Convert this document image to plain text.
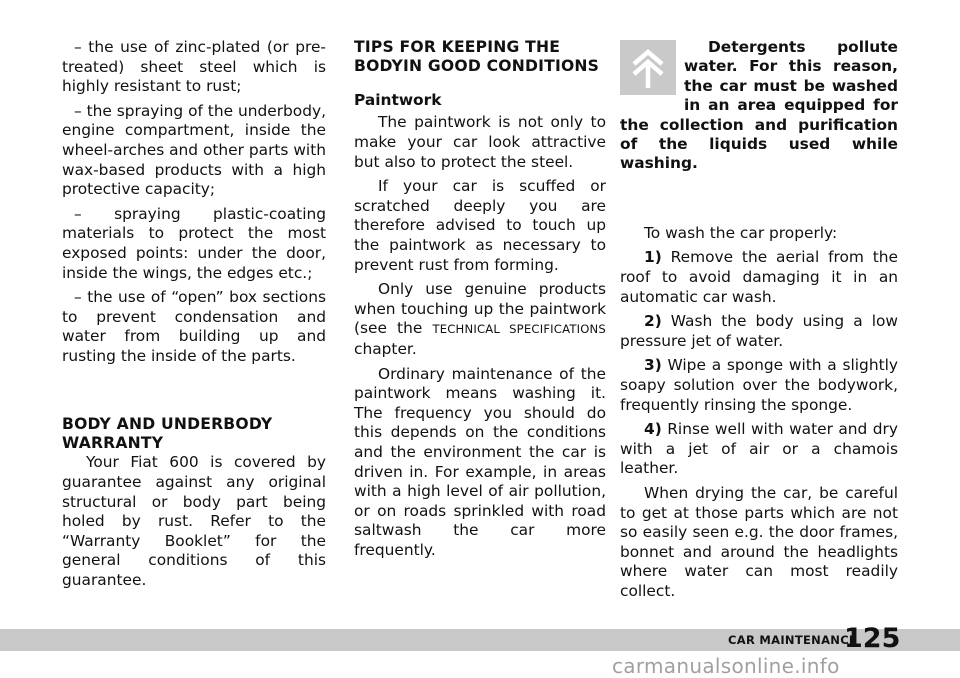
– the use of zinc-plated (or pre-treated) sheet steel which is highly resistant to rust;

– the spraying of the underbody, engine compartment, inside the wheel-arches and other parts with wax-based products with a high protective capacity;

– spraying plastic-coating materials to protect the most exposed points: under the door, inside the wings, the edges etc.;

– the use of “open” box sections to prevent condensation and water from building up and rusting the inside of the parts.

BODY AND UNDERBODY WARRANTY

Your Fiat 600 is covered by guarantee against any original structural or body part being holed by rust. Refer to the “Warranty Booklet” for the general conditions of this guarantee.

TIPS FOR KEEPING THE BODYIN GOOD CONDITIONS
Paintwork

The paintwork is not only to make your car look attractive but also to protect the steel.

If your car is scuffed or scratched deeply you are therefore advised to touch up the paintwork as necessary to prevent rust from forming.

Only use genuine products when touching up the paintwork (see the TECHNICAL SPECIFICATIONS chapter.

Ordinary maintenance of the paintwork means washing it. The frequency you should do this depends on the conditions and the environment the car is driven in. For example, in areas with a high level of air pollution, or on roads sprinkled with road saltwash the car more frequently.

Detergents pollute water. For this reason, the car must be washed in an area equipped for the collection and purification of the liquids used while washing.

To wash the car properly:

1) Remove the aerial from the roof to avoid damaging it in an automatic car wash.

2) Wash the body using a low pressure jet of water.

3) Wipe a sponge with a slightly soapy solution over the bodywork, frequently rinsing the sponge.

4) Rinse well with water and dry with a jet of air or a chamois leather.

When drying the car, be careful to get at those parts which are not so easily seen e.g. the door frames, bonnet and around the headlights where water can most readily collect.

CAR MAINTENANCE
125
carmanualsonline.info
